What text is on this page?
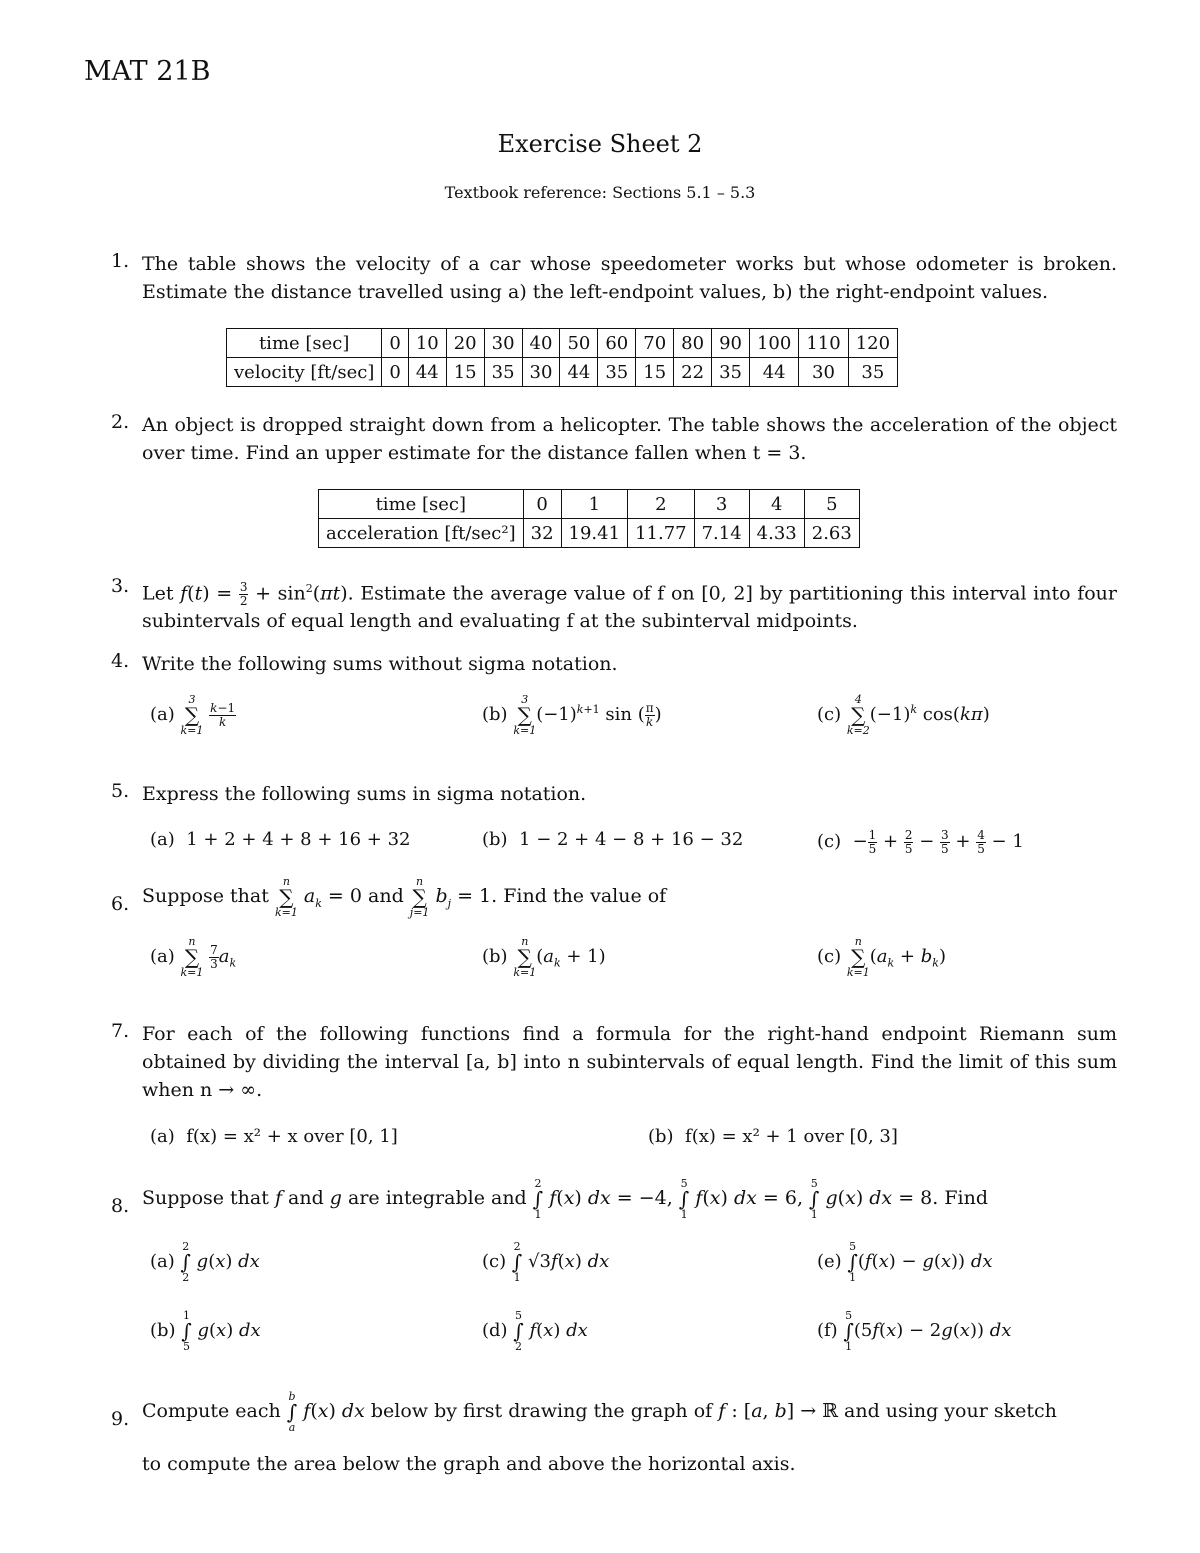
MAT 21B
Exercise Sheet 2
Textbook reference: Sections 5.1 – 5.3
1. The table shows the velocity of a car whose speedometer works but whose odometer is broken. Estimate the distance travelled using a) the left-endpoint values, b) the right-endpoint values.
time [sec]	0	10	20	30	40	50	60	70	80	90	100	110	120
velocity [ft/sec]	0	44	15	35	30	44	35	15	22	35	44	30	35
2. An object is dropped straight down from a helicopter. The table shows the acceleration of the object over time. Find an upper estimate for the distance fallen when t = 3.
time [sec]	0	1	2	3	4	5
acceleration [ft/sec²]	32	19.41	11.77	7.14	4.33	2.63
3. Let $f(t) = \frac{3}{2} + \sin^2(\pi t)$. Estimate the average value of f on [0, 2] by partitioning this interval into four subintervals of equal length and evaluating f at the subinterval midpoints.
4. Write the following sums without sigma notation.
(a)
3
∑
k=1

$\frac{k-1}{k}$	(b)
3
∑
k=1
$(-1)^{k+1}$ sin ( $\frac{\pi}{k}$ )	(c)
4
∑
k=2
$(-1)^k$ cos(kπ)
5. Express the following sums in sigma notation.
(a) 1 + 2 + 4 + 8 + 16 + 32	(b) 1 − 2 + 4 − 8 + 16 − 32	$(c) - \frac{1}{5} + \frac{2}{5} - \frac{3}{5} + \frac{4}{5} - 1$
6. Suppose that
n
∑
k=1
$a_k = 0$ and
n
∑
j=1
$b_j = 1$. Find the value of
(a)
n
∑
k=1

$\frac{7}{3} a_k$	(b)
n
∑
k=1
$(a_k + 1)$	(c)
n
∑
k=1
$(a_k + b_k)$
7. For each of the following functions find a formula for the right-hand endpoint Riemann sum obtained by dividing the interval [a, b] into n subintervals of equal length. Find the limit of this sum when n → ∞.
(a) f(x) = x² + x over [0, 1]	(b) f(x) = x² + 1 over [0, 3]
8. Suppose that f and g are integrable and
2
∫
1
f(x) dx = −4,
5
∫
1
f(x) dx = 6,
5
∫
1
g(x) dx = 8. Find
(a)
2
∫
2
g(x) dx	(c)
2
∫
1
√3f(x) dx	(e)
5
∫
1
(f(x) − g(x)) dx
(b)
1
∫
5
g(x) dx	(d)
5
∫
2
f(x) dx	(f)
5
∫
1
(5f(x) − 2g(x)) dx
9. Compute each
b
∫
a
f(x) dx below by first drawing the graph of f : [a, b] → ℝ and using your sketch
to compute the area below the graph and above the horizontal axis.
